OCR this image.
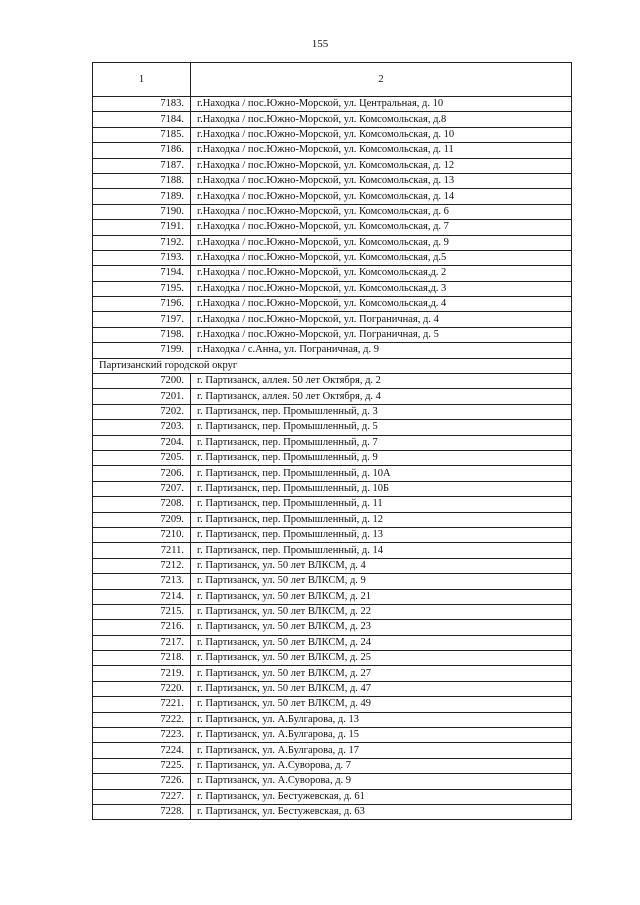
155
1	2
7183.	г.Находка / пос.Южно-Морской, ул. Центральная, д. 10
7184.	г.Находка / пос.Южно-Морской, ул. Комсомольская, д.8
7185.	г.Находка / пос.Южно-Морской, ул. Комсомольская, д. 10
7186.	г.Находка / пос.Южно-Морской, ул. Комсомольская, д. 11
7187.	г.Находка / пос.Южно-Морской, ул. Комсомольская, д. 12
7188.	г.Находка / пос.Южно-Морской, ул. Комсомольская, д. 13
7189.	г.Находка / пос.Южно-Морской, ул. Комсомольская, д. 14
7190.	г.Находка / пос.Южно-Морской, ул. Комсомольская, д. 6
7191.	г.Находка / пос.Южно-Морской, ул. Комсомольская, д. 7
7192.	г.Находка / пос.Южно-Морской, ул. Комсомольская, д. 9
7193.	г.Находка / пос.Южно-Морской, ул. Комсомольская, д.5
7194.	г.Находка / пос.Южно-Морской, ул. Комсомольская,д. 2
7195.	г.Находка / пос.Южно-Морской, ул. Комсомольская,д. 3
7196.	г.Находка / пос.Южно-Морской, ул. Комсомольская,д. 4
7197.	г.Находка / пос.Южно-Морской, ул. Пограничная, д. 4
7198.	г.Находка / пос.Южно-Морской, ул. Пограничная, д. 5
7199.	г.Находка / с.Анна, ул. Пограничная, д. 9
Партизанский городской округ	
7200.	г. Партизанск, аллея. 50 лет Октября, д. 2
7201.	г. Партизанск, аллея. 50 лет Октября, д. 4
7202.	г. Партизанск, пер. Промышленный, д. 3
7203.	г. Партизанск, пер. Промышленный, д. 5
7204.	г. Партизанск, пер. Промышленный, д. 7
7205.	г. Партизанск, пер. Промышленный, д. 9
7206.	г. Партизанск, пер. Промышленный, д. 10А
7207.	г. Партизанск, пер. Промышленный, д. 10Б
7208.	г. Партизанск, пер. Промышленный, д. 11
7209.	г. Партизанск, пер. Промышленный, д. 12
7210.	г. Партизанск, пер. Промышленный, д. 13
7211.	г. Партизанск, пер. Промышленный, д. 14
7212.	г. Партизанск, ул. 50 лет ВЛКСМ, д. 4
7213.	г. Партизанск, ул. 50 лет ВЛКСМ, д. 9
7214.	г. Партизанск, ул. 50 лет ВЛКСМ, д. 21
7215.	г. Партизанск, ул. 50 лет ВЛКСМ, д. 22
7216.	г. Партизанск, ул. 50 лет ВЛКСМ, д. 23
7217.	г. Партизанск, ул. 50 лет ВЛКСМ, д. 24
7218.	г. Партизанск, ул. 50 лет ВЛКСМ, д. 25
7219.	г. Партизанск, ул. 50 лет ВЛКСМ, д. 27
7220.	г. Партизанск, ул. 50 лет ВЛКСМ, д. 47
7221.	г. Партизанск, ул. 50 лет ВЛКСМ, д. 49
7222.	г. Партизанск, ул. А.Булгарова, д. 13
7223.	г. Партизанск, ул. А.Булгарова, д. 15
7224.	г. Партизанск, ул. А.Булгарова, д. 17
7225.	г. Партизанск, ул. А.Суворова, д. 7
7226.	г. Партизанск, ул. А.Суворова, д. 9
7227.	г. Партизанск, ул. Бестужевская, д. 61
7228.	г. Партизанск, ул. Бестужевская, д. 63
